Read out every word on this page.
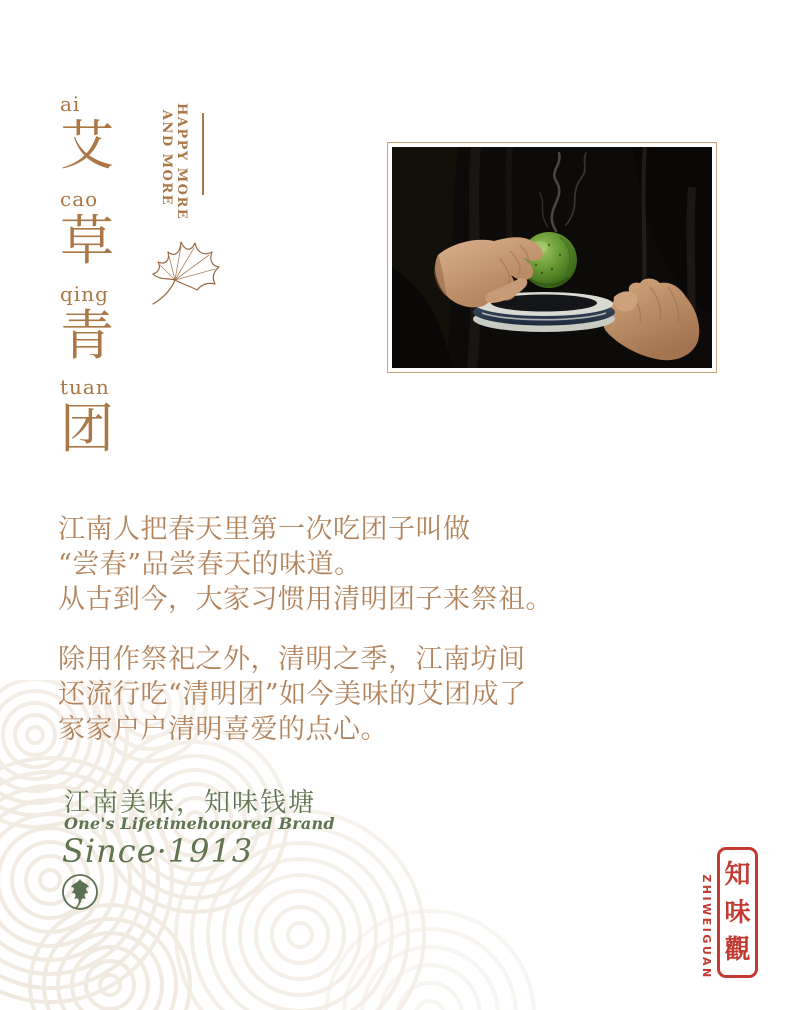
ai
艾
cao
草
qing
青
tuan
团
HAPPY MORE
AND MORE
江南人把春天里第一次吃团子叫做
“尝春”品尝春天的味道。
从古到今，大家习惯用清明团子来祭祖。
除用作祭祀之外，清明之季，江南坊间
还流行吃“清明团”如今美味的艾团成了
家家户户清明喜爱的点心。
江南美味，知味钱塘
One's Lifetimehonored Brand
Since·1913
知
味
觀
ZHIWEIGUAN
